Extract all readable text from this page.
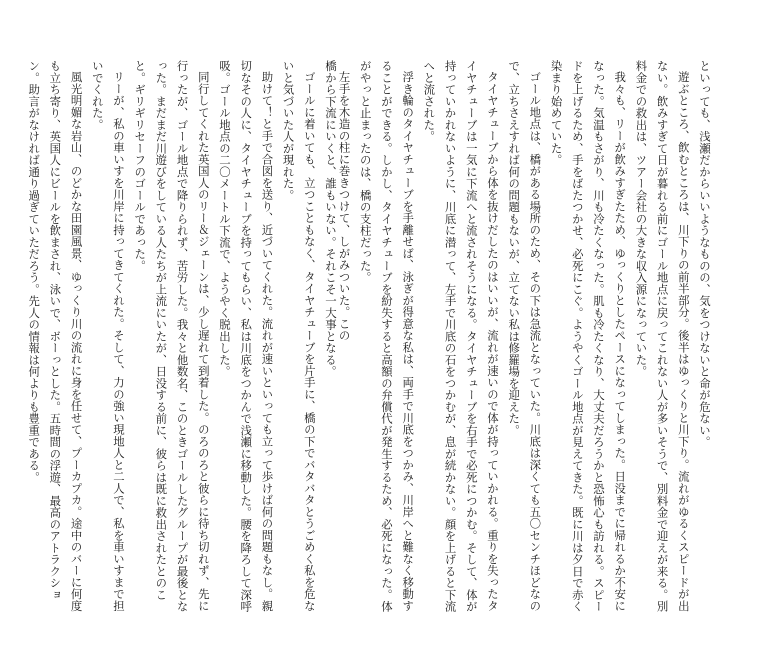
といっても、浅瀬だからいいようなものの、気をつけないと命が危ない。

遊ぶところ、飲むところは、川下りの前半部分。後半はゆっくりと川下り。流れがゆるくスピードが出ない。飲みすぎて日が暮れる前にゴール地点に戻ってこれない人が多いそうで、別料金で迎えが来る。別料金での救出は、ツアー会社の大きな収入源になっていた。

我々も、リーが飲みすぎたため、ゆっくりとしたペースになってしまった。日没までに帰れるか不安になった。気温もさがり、川も冷たくなった。肌も冷たくなり、大丈夫だろうかと恐怖心も訪れる。スピードを上げるため、手をばたつかせ、必死にこぐ。ようやくゴール地点が見えてきた。既に川は夕日で赤く染まり始めていた。

ゴール地点は、橋がある場所のため、その下は急流となっていた。川底は深くても五〇センチほどなので、立ちさえすれば何の問題もないが、立てない私は修羅場を迎えた。

タイヤチューブから体を抜けだしたのはいいが、流れが速いので体が持っていかれる。重りを失ったタイヤチューブは一気に下流へと流されそうになる。タイヤチューブを右手で必死につかむ。そして、体が持っていかれないように、川底に潜って、左手で川底の石をつかむが、息が続かない。顔を上げると下流へと流された。

浮き輪のタイヤチューブを手離せば、泳ぎが得意な私は、両手で川底をつかみ、川岸へと難なく移動することができる。しかし、タイヤチューブを紛失すると高額の弁償代が発生するため、必死になった。体がやっと止まったのは、橋の支柱だった。

左手を木造の柱に巻きつけて、しがみついた。この

橋から下流にいくと、誰もいない。それこそ一大事となる。

ゴールに着いても、立つこともなく、タイヤチューブを片手に、橋の下でバタバタとうごめく私を危ないと気づいた人が現れた。

助けて！と手で合図を送り、近づいてくれた。流れが速いといっても立って歩けば何の問題もなし。親切なその人に、タイヤチューブを持ってもらい、私は川底をつかんで浅瀬に移動した。腰を降ろして深呼吸。ゴール地点の二〇メートル下流で、ようやく脱出した。

同行してくれた英国人のリー＆ジェーンは、少し遅れて到着した。のろのろと彼らに待ち切れず、先に行ったが、ゴール地点で降りられず、苦労した。我々と他数名、このときゴールしたグループが最後となった。まだまだ川遊びをしている人たちが上流にいたが、日没する前に、彼らは既に救出されたとのこと。ギリギリセーフのゴールであった。

リーが、私の車いすを川岸に持ってきてくれた。そして、力の強い現地人と二人で、私を車いすまで担いでくれた。

風光明媚な岩山、のどかな田園風景、ゆっくり川の流れに身を任せて、プーカプカ。途中のバーに何度も立ち寄り、英国人にビールを飲まされ、泳いで、ボーっとした。五時間の浮遊、最高のアトラクション。助言がなければ通り過ぎていただろう。先人の情報は何よりも豊重である。
